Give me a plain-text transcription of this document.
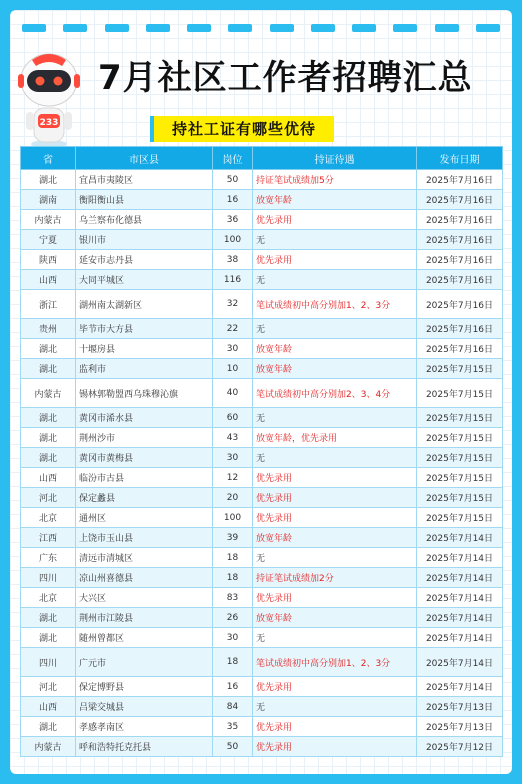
233
7月社区工作者招聘汇总
持社工证有哪些优待
省	市区县	岗位	持证待遇	发布日期
湖北	宜昌市夷陵区	50	持证笔试成绩加5分	2025年7月16日
湖南	衡阳衡山县	16	放宽年龄	2025年7月16日
内蒙古	乌兰察布化德县	36	优先录用	2025年7月16日
宁夏	银川市	100	无	2025年7月16日
陕西	延安市志丹县	38	优先录用	2025年7月16日
山西	大同平城区	116	无	2025年7月16日
浙江	湖州南太湖新区	32	笔试成绩初中高分别加1、2、3分	2025年7月16日
贵州	毕节市大方县	22	无	2025年7月16日
湖北	十堰房县	30	放宽年龄	2025年7月16日
湖北	监利市	10	放宽年龄	2025年7月15日
内蒙古	锡林郭勒盟西乌珠穆沁旗	40	笔试成绩初中高分别加2、3、4分	2025年7月15日
湖北	黄冈市浠水县	60	无	2025年7月15日
湖北	荆州沙市	43	放宽年龄，优先录用	2025年7月15日
湖北	黄冈市黄梅县	30	无	2025年7月15日
山西	临汾市古县	12	优先录用	2025年7月15日
河北	保定蠡县	20	优先录用	2025年7月15日
北京	通州区	100	优先录用	2025年7月15日
江西	上饶市玉山县	39	放宽年龄	2025年7月14日
广东	清远市清城区	18	无	2025年7月14日
四川	凉山州喜德县	18	持证笔试成绩加2分	2025年7月14日
北京	大兴区	83	优先录用	2025年7月14日
湖北	荆州市江陵县	26	放宽年龄	2025年7月14日
湖北	随州曾都区	30	无	2025年7月14日
四川	广元市	18	笔试成绩初中高分别加1、2、3分	2025年7月14日
河北	保定博野县	16	优先录用	2025年7月14日
山西	吕梁交城县	84	无	2025年7月13日
湖北	孝感孝南区	35	优先录用	2025年7月13日
内蒙古	呼和浩特托克托县	50	优先录用	2025年7月12日
